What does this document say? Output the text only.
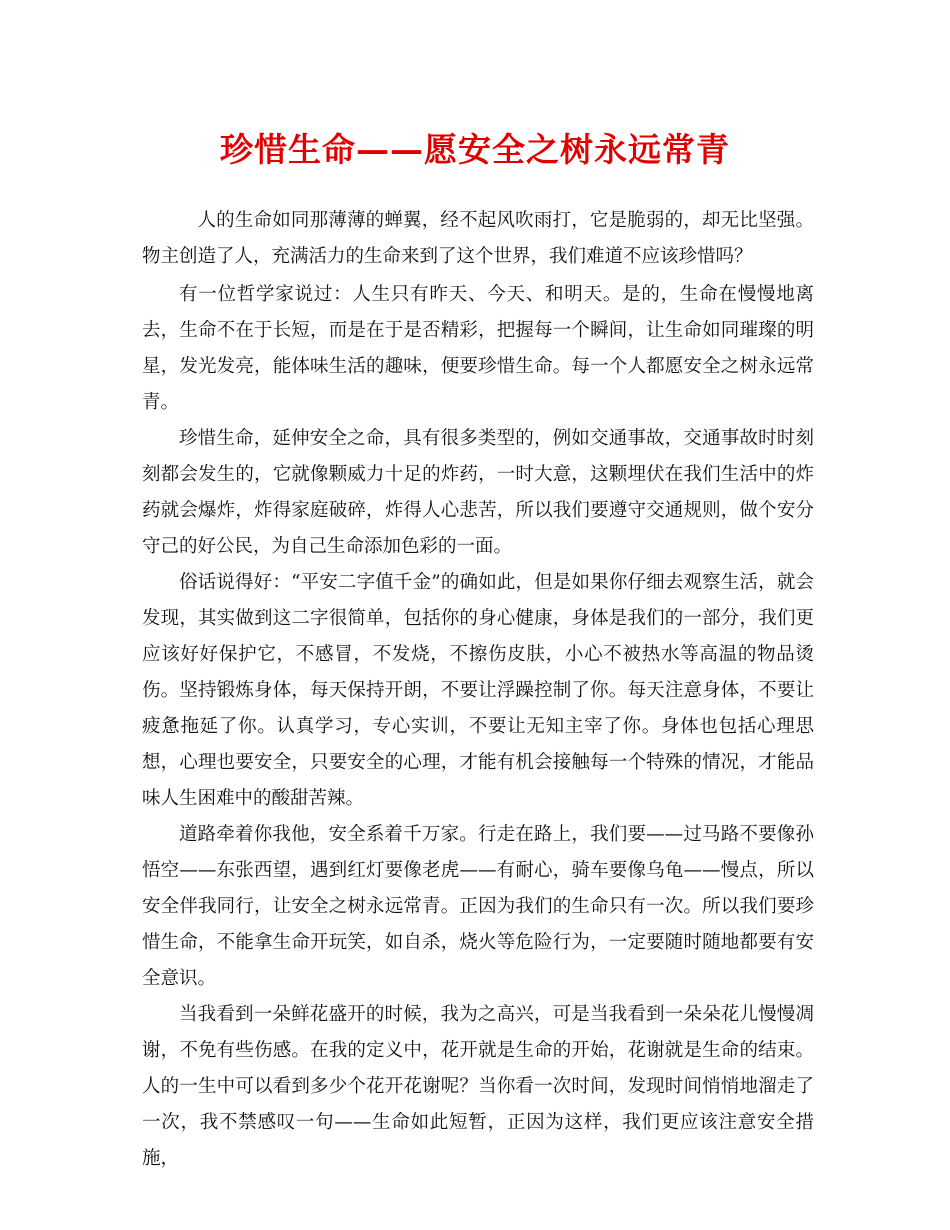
珍惜生命——愿安全之树永远常青

人的生命如同那薄薄的蝉翼，经不起风吹雨打，它是脆弱的，却无比坚强。物主创造了人，充满活力的生命来到了这个世界，我们难道不应该珍惜吗？

有一位哲学家说过：人生只有昨天、今天、和明天。是的，生命在慢慢地离去，生命不在于长短，而是在于是否精彩，把握每一个瞬间，让生命如同璀璨的明星，发光发亮，能体味生活的趣味，便要珍惜生命。每一个人都愿安全之树永远常青。

珍惜生命，延伸安全之命，具有很多类型的，例如交通事故，交通事故时时刻刻都会发生的，它就像颗威力十足的炸药，一时大意，这颗埋伏在我们生活中的炸药就会爆炸，炸得家庭破碎，炸得人心悲苦，所以我们要遵守交通规则，做个安分守己的好公民，为自己生命添加色彩的一面。

俗话说得好：“平安二字值千金”的确如此，但是如果你仔细去观察生活，就会发现，其实做到这二字很简单，包括你的身心健康，身体是我们的一部分，我们更应该好好保护它，不感冒，不发烧，不擦伤皮肤，小心不被热水等高温的物品烫伤。坚持锻炼身体，每天保持开朗，不要让浮躁控制了你。每天注意身体，不要让疲惫拖延了你。认真学习，专心实训，不要让无知主宰了你。身体也包括心理思想，心理也要安全，只要安全的心理，才能有机会接触每一个特殊的情况，才能品味人生困难中的酸甜苦辣。

道路牵着你我他，安全系着千万家。行走在路上，我们要——过马路不要像孙悟空——东张西望，遇到红灯要像老虎——有耐心，骑车要像乌龟——慢点，所以安全伴我同行，让安全之树永远常青。正因为我们的生命只有一次。所以我们要珍惜生命，不能拿生命开玩笑，如自杀，烧火等危险行为，一定要随时随地都要有安全意识。

当我看到一朵鲜花盛开的时候，我为之高兴，可是当我看到一朵朵花儿慢慢凋谢，不免有些伤感。在我的定义中，花开就是生命的开始，花谢就是生命的结束。人的一生中可以看到多少个花开花谢呢？当你看一次时间，发现时间悄悄地溜走了一次，我不禁感叹一句——生命如此短暂，正因为这样，我们更应该注意安全措施，
